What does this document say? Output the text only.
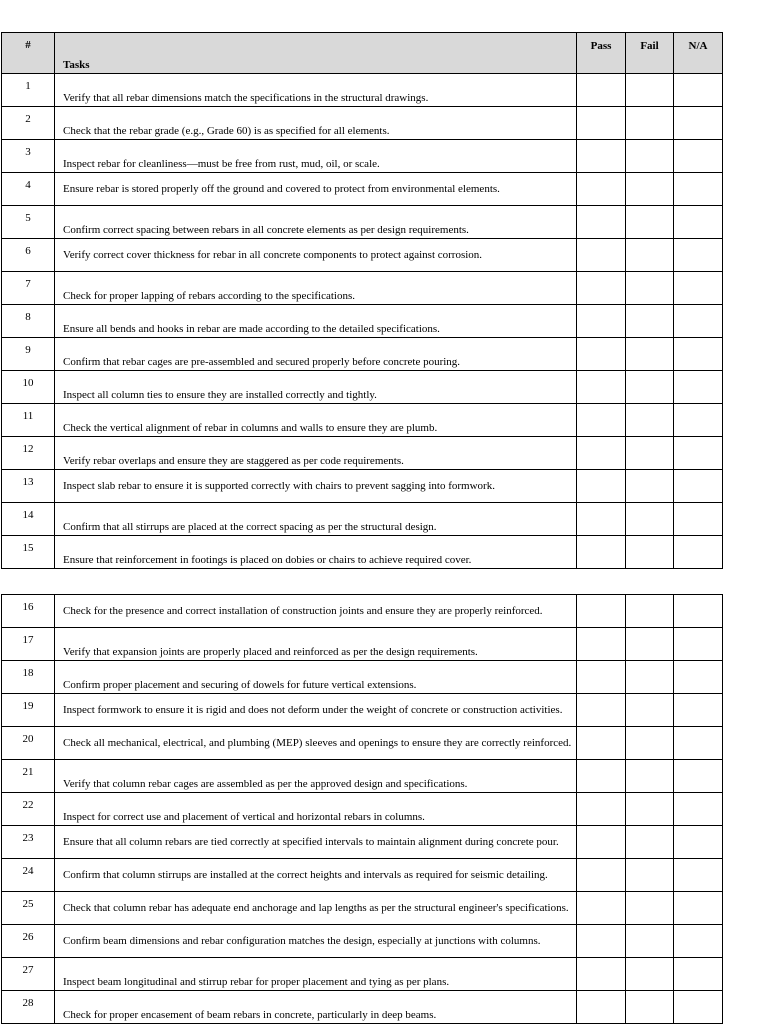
#	Tasks	Pass	Fail	N/A
1	Verify that all rebar dimensions match the specifications in the structural drawings.			
2	Check that the rebar grade (e.g., Grade 60) is as specified for all elements.			
3	Inspect rebar for cleanliness—must be free from rust, mud, oil, or scale.			
4	Ensure rebar is stored properly off the ground and covered to protect from environmental elements.			
5	Confirm correct spacing between rebars in all concrete elements as per design requirements.			
6	Verify correct cover thickness for rebar in all concrete components to protect against corrosion.			
7	Check for proper lapping of rebars according to the specifications.			
8	Ensure all bends and hooks in rebar are made according to the detailed specifications.			
9	Confirm that rebar cages are pre-assembled and secured properly before concrete pouring.			
10	Inspect all column ties to ensure they are installed correctly and tightly.			
11	Check the vertical alignment of rebar in columns and walls to ensure they are plumb.			
12	Verify rebar overlaps and ensure they are staggered as per code requirements.			
13	Inspect slab rebar to ensure it is supported correctly with chairs to prevent sagging into formwork.			
14	Confirm that all stirrups are placed at the correct spacing as per the structural design.			
15	Ensure that reinforcement in footings is placed on dobies or chairs to achieve required cover.			
16	Check for the presence and correct installation of construction joints and ensure they are properly reinforced.			
17	Verify that expansion joints are properly placed and reinforced as per the design requirements.			
18	Confirm proper placement and securing of dowels for future vertical extensions.			
19	Inspect formwork to ensure it is rigid and does not deform under the weight of concrete or construction activities.			
20	Check all mechanical, electrical, and plumbing (MEP) sleeves and openings to ensure they are correctly reinforced.			
21	Verify that column rebar cages are assembled as per the approved design and specifications.			
22	Inspect for correct use and placement of vertical and horizontal rebars in columns.			
23	Ensure that all column rebars are tied correctly at specified intervals to maintain alignment during concrete pour.			
24	Confirm that column stirrups are installed at the correct heights and intervals as required for seismic detailing.			
25	Check that column rebar has adequate end anchorage and lap lengths as per the structural engineer's specifications.			
26	Confirm beam dimensions and rebar configuration matches the design, especially at junctions with columns.			
27	Inspect beam longitudinal and stirrup rebar for proper placement and tying as per plans.			
28	Check for proper encasement of beam rebars in concrete, particularly in deep beams.			
